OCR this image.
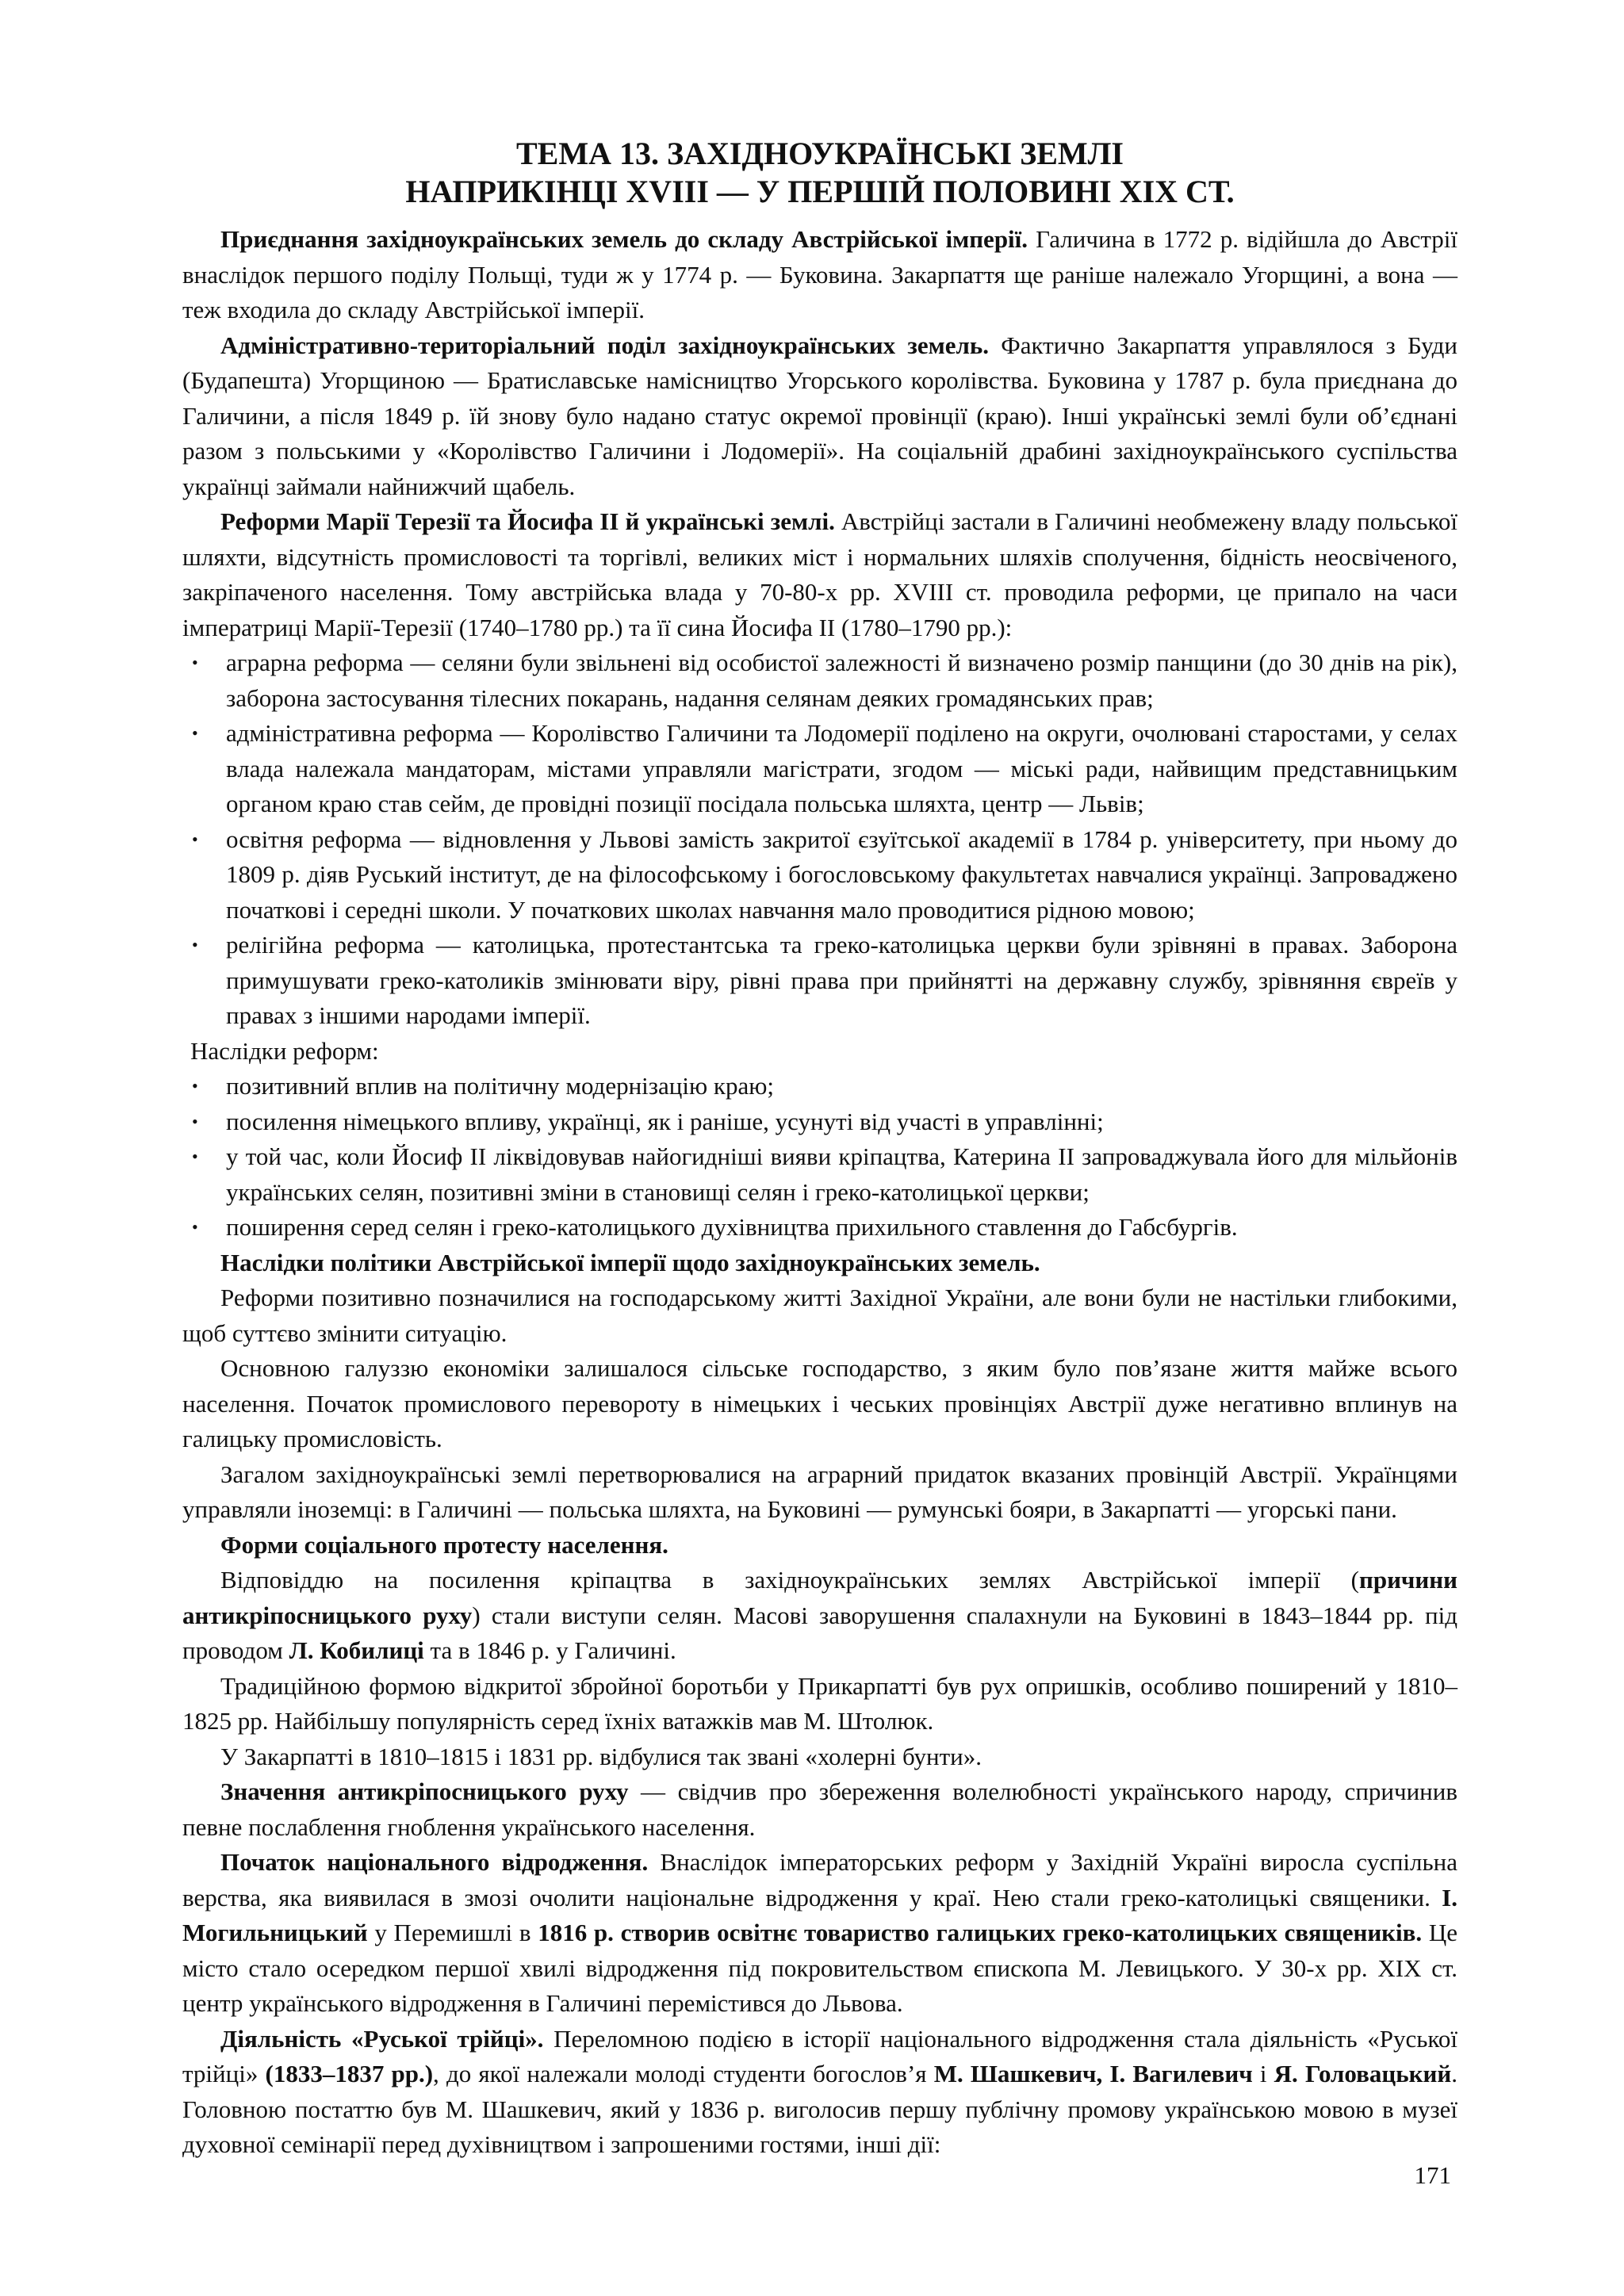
ТЕМА 13. ЗАХІДНОУКРАЇНСЬКІ ЗЕМЛІ
НАПРИКІНЦІ XVIII — У ПЕРШІЙ ПОЛОВИНІ XIX СТ.

Приєднання західноукраїнських земель до складу Австрійської імперії. Галичина в 1772 р. відійшла до Австрії внаслідок першого поділу Польщі, туди ж у 1774 р. — Буковина. Закарпаття ще раніше належало Угорщині, а вона — теж входила до складу Австрійської імперії.

Адміністративно-територіальний поділ західноукраїнських земель. Фактично Закарпаття управлялося з Буди (Будапешта) Угорщиною — Братиславське намісництво Угорського королівства. Буковина у 1787 р. була приєднана до Галичини, а після 1849 р. їй знову було надано статус окремої провінції (краю). Інші українські землі були об’єднані разом з польськими у «Королівство Галичини і Лодомерії». На соціальній драбині західноукраїнського суспільства українці займали найнижчий щабель.

Реформи Марії Терезії та Йосифа II й українські землі. Австрійці застали в Галичині необмежену владу польської шляхти, відсутність промисловості та торгівлі, великих міст і нормальних шляхів сполучення, бідність неосвіченого, закріпаченого населення. Тому австрійська влада у 70-80-х рр. XVIII ст. проводила реформи, це припало на часи імператриці Марії-Терезії (1740–1780 рр.) та її сина Йосифа II (1780–1790 рр.):

• аграрна реформа — селяни були звільнені від особистої залежності й визначено розмір панщини (до 30 днів на рік), заборона застосування тілесних покарань, надання селянам деяких громадянських прав;
• адміністративна реформа — Королівство Галичини та Лодомерії поділено на округи, очолювані старостами, у селах влада належала мандаторам, містами управляли магістрати, згодом — міські ради, найвищим представницьким органом краю став сейм, де провідні позиції посідала польська шляхта, центр — Львів;
• освітня реформа — відновлення у Львові замість закритої єзуїтської академії в 1784 р. університету, при ньому до 1809 р. діяв Руський інститут, де на філософському і богословському факультетах навчалися українці. Запроваджено початкові і середні школи. У початкових школах навчання мало проводитися рідною мовою;
• релігійна реформа — католицька, протестантська та греко-католицька церкви були зрівняні в правах. Заборона примушувати греко-католиків змінювати віру, рівні права при прийнятті на державну службу, зрівняння євреїв у правах з іншими народами імперії.

Наслідки реформ:

• позитивний вплив на політичну модернізацію краю;
• посилення німецького впливу, українці, як і раніше, усунуті від участі в управлінні;
• у той час, коли Йосиф II ліквідовував найогидніші вияви кріпацтва, Катерина II запроваджувала його для мільйонів українських селян, позитивні зміни в становищі селян і греко-католицької церкви;
• поширення серед селян і греко-католицького духівництва прихильного ставлення до Габсбургів.

Наслідки політики Австрійської імперії щодо західноукраїнських земель.

Реформи позитивно позначилися на господарському житті Західної України, але вони були не настільки глибокими, щоб суттєво змінити ситуацію.

Основною галуззю економіки залишалося сільське господарство, з яким було пов’язане життя майже всього населення. Початок промислового перевороту в німецьких і чеських провінціях Австрії дуже негативно вплинув на галицьку промисловість.

Загалом західноукраїнські землі перетворювалися на аграрний придаток вказаних провінцій Австрії. Українцями управляли іноземці: в Галичині — польська шляхта, на Буковині — румунські бояри, в Закарпатті — угорські пани.

Форми соціального протесту населення.

Відповіддю на посилення кріпацтва в західноукраїнських землях Австрійської імперії (причини антикріпосницького руху) стали виступи селян. Масові заворушення спалахнули на Буковині в 1843–1844 рр. під проводом Л. Кобилиці та в 1846 р. у Галичині.

Традиційною формою відкритої збройної боротьби у Прикарпатті був рух опришків, особливо поширений у 1810–1825 рр. Найбільшу популярність серед їхніх ватажків мав М. Штолюк.

У Закарпатті в 1810–1815 і 1831 рр. відбулися так звані «холерні бунти».

Значення антикріпосницького руху — свідчив про збереження волелюбності українського народу, спричинив певне послаблення гноблення українського населення.

Початок національного відродження. Внаслідок імператорських реформ у Західній Україні виросла суспільна верства, яка виявилася в змозі очолити національне відродження у краї. Нею стали греко-католицькі священики. І. Могильницький у Перемишлі в 1816 р. створив освітнє товариство галицьких греко-католицьких священиків. Це місто стало осередком першої хвилі відродження під покровительством єпископа М. Левицького. У 30-х рр. XIX ст. центр українського відродження в Галичині перемістився до Львова.

Діяльність «Руської трійці». Переломною подією в історії національного відродження стала діяльність «Руської трійці» (1833–1837 рр.), до якої належали молоді студенти богослов’я М. Шашкевич, І. Вагилевич і Я. Головацький. Головною постаттю був М. Шашкевич, який у 1836 р. виголосив першу публічну промову українською мовою в музеї духовної семінарії перед духівництвом і запрошеними гостями, інші дії:

171
